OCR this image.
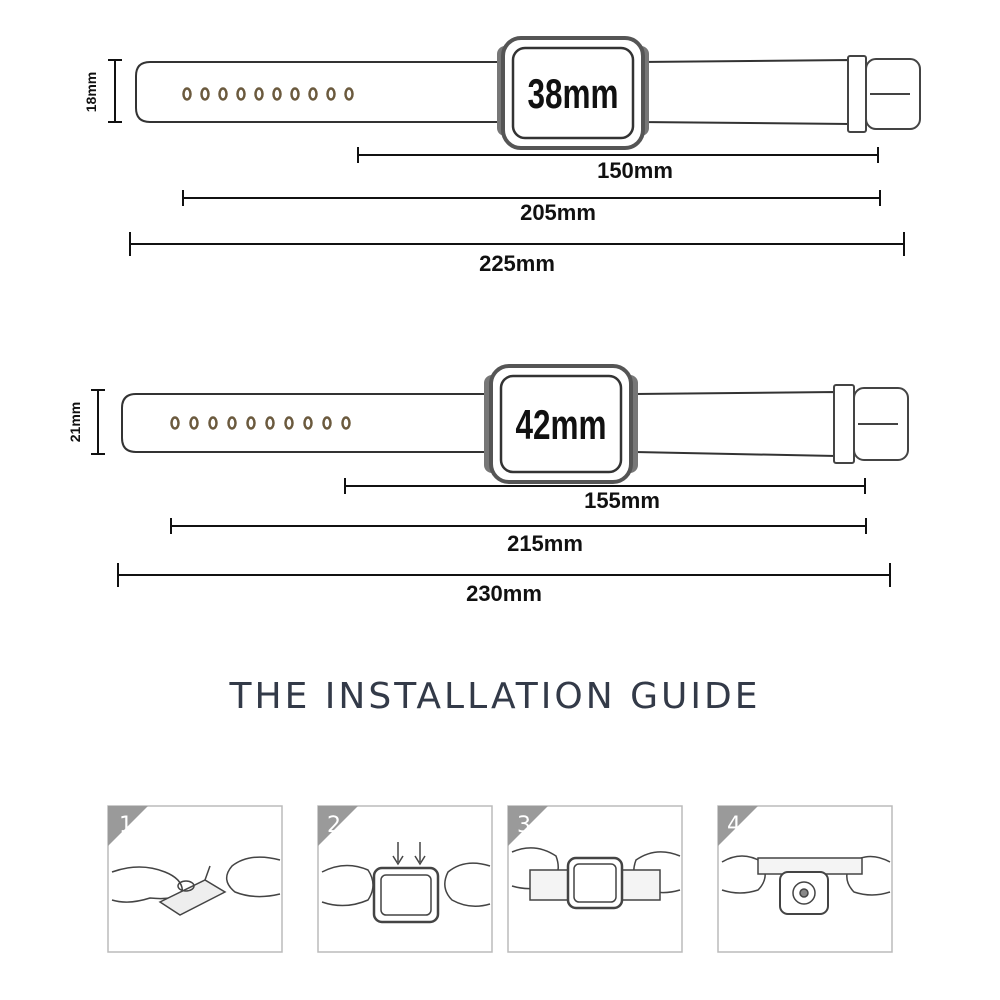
18mm	38mm
150mm
205mm
225mm
21mm	42mm
155mm
215mm
230mm
THE INSTALLATION GUIDE
1	2	3	4
